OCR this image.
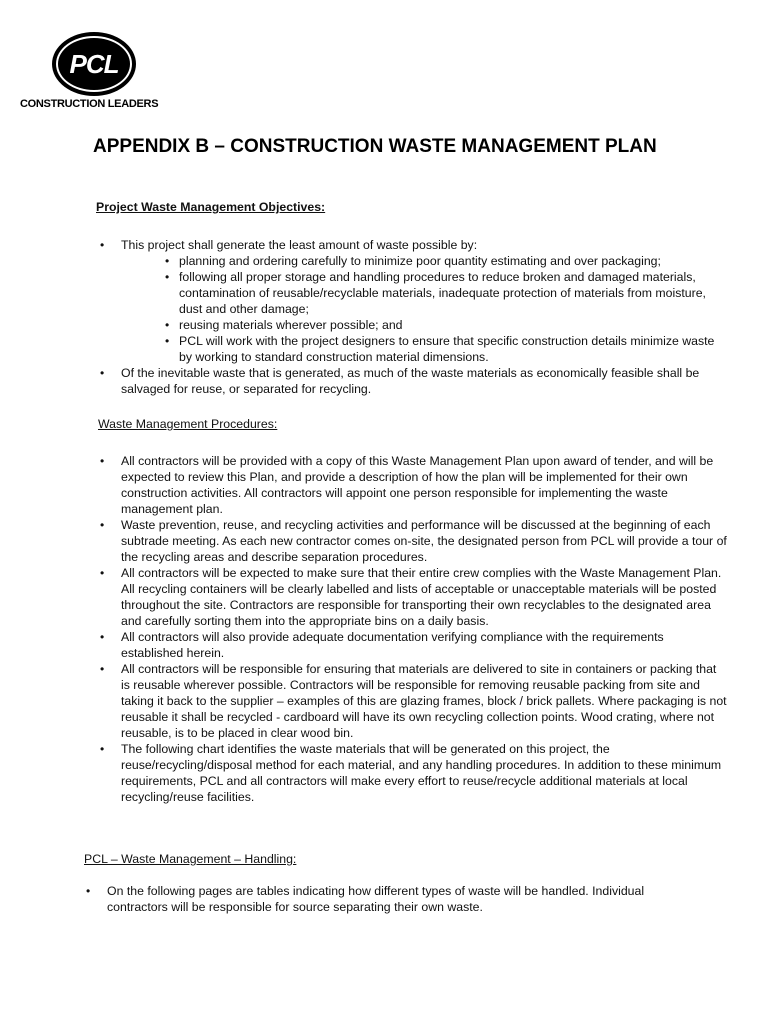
PCL
CONSTRUCTION LEADERS
APPENDIX B – CONSTRUCTION WASTE MANAGEMENT PLAN
Project Waste Management Objectives:
• This project shall generate the least amount of waste possible by:
• planning and ordering carefully to minimize poor quantity estimating and over packaging;
• following all proper storage and handling procedures to reduce broken and damaged materials, contamination of reusable/recyclable materials, inadequate protection of materials from moisture, dust and other damage;
• reusing materials wherever possible; and
• PCL will work with the project designers to ensure that specific construction details minimize waste by working to standard construction material dimensions.
• Of the inevitable waste that is generated, as much of the waste materials as economically feasible shall be salvaged for reuse, or separated for recycling.
Waste Management Procedures:
• All contractors will be provided with a copy of this Waste Management Plan upon award of tender, and will be expected to review this Plan, and provide a description of how the plan will be implemented for their own construction activities. All contractors will appoint one person responsible for implementing the waste management plan.
• Waste prevention, reuse, and recycling activities and performance will be discussed at the beginning of each subtrade meeting. As each new contractor comes on-site, the designated person from PCL will provide a tour of the recycling areas and describe separation procedures.
• All contractors will be expected to make sure that their entire crew complies with the Waste Management Plan. All recycling containers will be clearly labelled and lists of acceptable or unacceptable materials will be posted throughout the site. Contractors are responsible for transporting their own recyclables to the designated area and carefully sorting them into the appropriate bins on a daily basis.
• All contractors will also provide adequate documentation verifying compliance with the requirements established herein.
• All contractors will be responsible for ensuring that materials are delivered to site in containers or packing that is reusable wherever possible. Contractors will be responsible for removing reusable packing from site and taking it back to the supplier – examples of this are glazing frames, block / brick pallets. Where packaging is not reusable it shall be recycled - cardboard will have its own recycling collection points. Wood crating, where not reusable, is to be placed in clear wood bin.
• The following chart identifies the waste materials that will be generated on this project, the reuse/recycling/disposal method for each material, and any handling procedures. In addition to these minimum requirements, PCL and all contractors will make every effort to reuse/recycle additional materials at local recycling/reuse facilities.
PCL – Waste Management – Handling:
• On the following pages are tables indicating how different types of waste will be handled. Individual contractors will be responsible for source separating their own waste.
